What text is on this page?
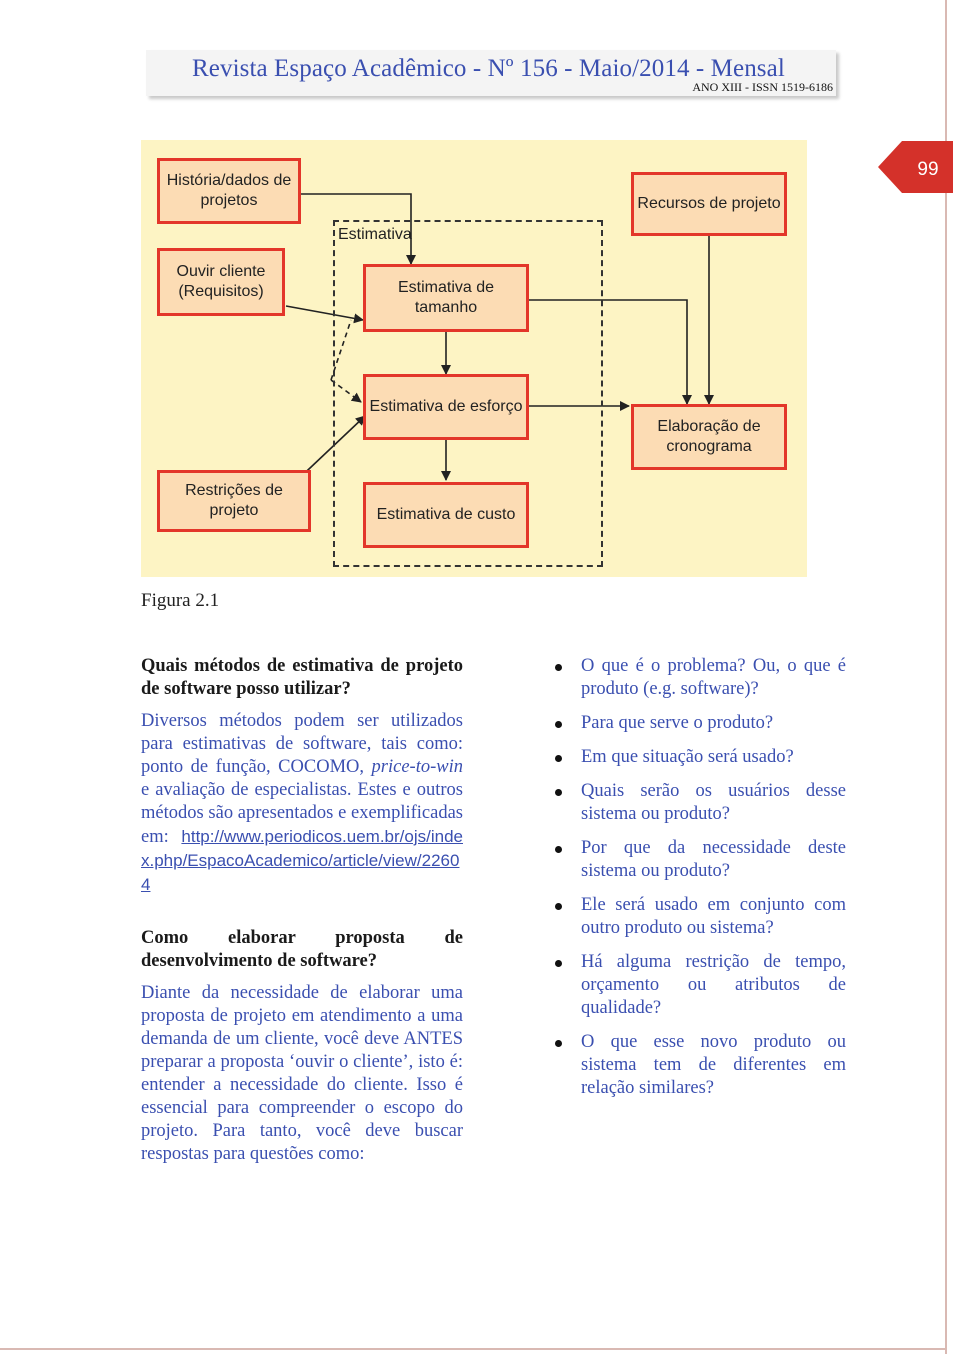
Revista Espaço Acadêmico - Nº 156 - Maio/2014 - Mensal
ANO XIII - ISSN 1519-6186
99
Estimativa
História/dados de projetos
Ouvir cliente (Requisitos)
Restrições de projeto
Estimativa de tamanho
Estimativa de esforço
Estimativa de custo
Recursos de projeto
Elaboração de cronograma
Figura 2.1
Quais métodos de estimativa de projeto de software posso utilizar?
Diversos métodos podem ser utilizados para estimativas de software, tais como: ponto de função, COCOMO, price-to-win e avaliação de especialistas. Estes e outros métodos são apresentados e exemplificadas em: http://www.periodicos.uem.br/ojs/index.php/EspacoAcademico/article/view/22604
Como elaborar proposta de desenvolvimento de software?
Diante da necessidade de elaborar uma proposta de projeto em atendimento a uma demanda de um cliente, você deve ANTES preparar a proposta ‘ouvir o cliente’, isto é: entender a necessidade do cliente. Isso é essencial para compreender o escopo do projeto. Para tanto, você deve buscar respostas para questões como:
O que é o problema? Ou, o que é produto (e.g. software)?
Para que serve o produto?
Em que situação será usado?
Quais serão os usuários desse sistema ou produto?
Por que da necessidade deste sistema ou produto?
Ele será usado em conjunto com outro produto ou sistema?
Há alguma restrição de tempo, orçamento ou atributos de qualidade?
O que esse novo produto ou sistema tem de diferentes em relação similares?
